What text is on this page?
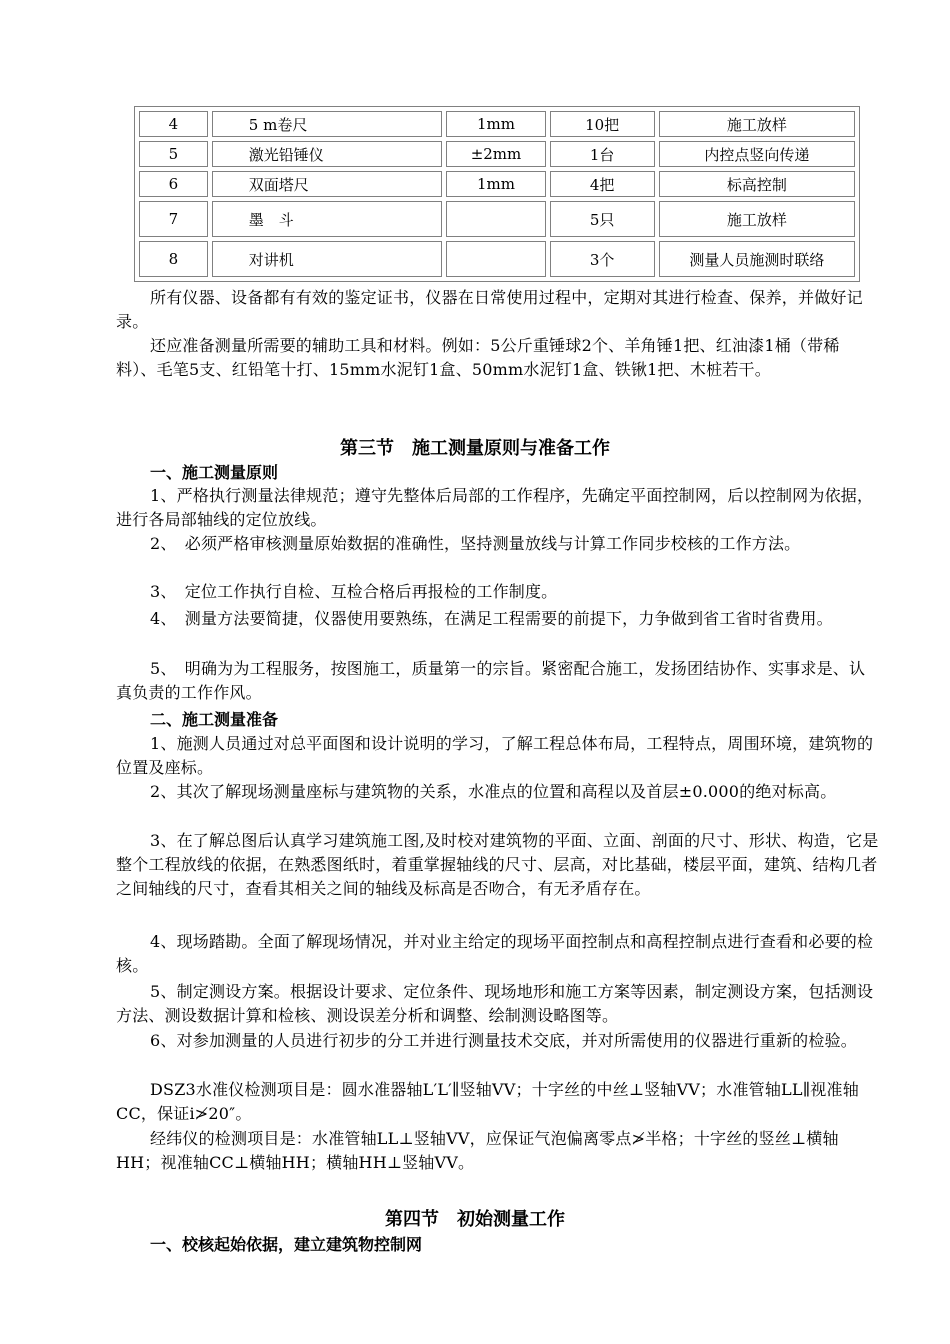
4	5 m卷尺	1mm	10把	施工放样
5	激光铅锤仪	±2mm	1台	内控点竖向传递
6	双面塔尺	1mm	4把	标高控制
7	墨　斗		5只	施工放样
8	对讲机		3个	测量人员施测时联络

所有仪器、设备都有有效的鉴定证书，仪器在日常使用过程中，定期对其进行检查、保养，并做好记录。

还应准备测量所需要的辅助工具和材料。例如：5公斤重锤球2个、羊角锤1把、红油漆1桶（带稀料）、毛笔5支、红铅笔十打、15mm水泥钉1盒、50mm水泥钉1盒、铁锹1把、木桩若干。

第三节　施工测量原则与准备工作
一、施工测量原则

1、严格执行测量法律规范；遵守先整体后局部的工作程序，先确定平面控制网，后以控制网为依据，进行各局部轴线的定位放线。

2、　必须严格审核测量原始数据的准确性，坚持测量放线与计算工作同步校核的工作方法。

3、　定位工作执行自检、互检合格后再报检的工作制度。

4、　测量方法要简捷，仪器使用要熟练，在满足工程需要的前提下，力争做到省工省时省费用。

5、　明确为为工程服务，按图施工，质量第一的宗旨。紧密配合施工，发扬团结协作、实事求是、认真负责的工作作风。

二、施工测量准备

1、施测人员通过对总平面图和设计说明的学习，了解工程总体布局，工程特点，周围环境，建筑物的位置及座标。

2、其次了解现场测量座标与建筑物的关系，水准点的位置和高程以及首层±0.000的绝对标高。

3、在了解总图后认真学习建筑施工图,及时校对建筑物的平面、立面、剖面的尺寸、形状、构造，它是整个工程放线的依据，在熟悉图纸时，着重掌握轴线的尺寸、层高，对比基础，楼层平面，建筑、结构几者之间轴线的尺寸，查看其相关之间的轴线及标高是否吻合，有无矛盾存在。

4、现场踏勘。全面了解现场情况，并对业主给定的现场平面控制点和高程控制点进行查看和必要的检核。

5、制定测设方案。根据设计要求、定位条件、现场地形和施工方案等因素，制定测设方案，包括测设方法、测设数据计算和检核、测设误差分析和调整、绘制测设略图等。

6、对参加测量的人员进行初步的分工并进行测量技术交底，并对所需使用的仪器进行重新的检验。

DSZ3水准仪检测项目是：圆水准器轴L′L′∥竖轴VV；十字丝的中丝⊥竖轴VV；水准管轴LL∥视准轴CC，保证i≯20″。

经纬仪的检测项目是：水准管轴LL⊥竖轴VV，应保证气泡偏离零点≯半格；十字丝的竖丝⊥横轴HH；视准轴CC⊥横轴HH；横轴HH⊥竖轴VV。

第四节　初始测量工作
一、校核起始依据，建立建筑物控制网
